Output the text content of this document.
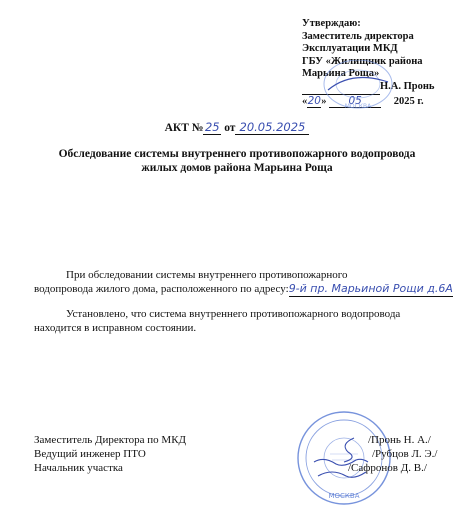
Утверждаю:
Заместитель директора
Эксплуатации МКД
ГБУ «Жилищник района
Марьина Роща»
Н.А. Пронь
«20» 05	2025 г.
МОСКВА
АКТ № 25 от 20.05.2025
Обследование системы внутреннего противопожарного водопровода
жилых домов района Марьина Роща
При обследовании системы внутреннего противопожарного
водопровода жилого дома, расположенного по адресу:9-й пр. Марьиной Рощи д.6А
Установлено, что система внутреннего противопожарного водопровода
находится в исправном состоянии.
МОСКВА
Заместитель Директора по МКД
Ведущий инженер ПТО
Начальник участка
/Пронь Н. А./
/Рубцов Л. Э./
/Сафронов Д. В./
